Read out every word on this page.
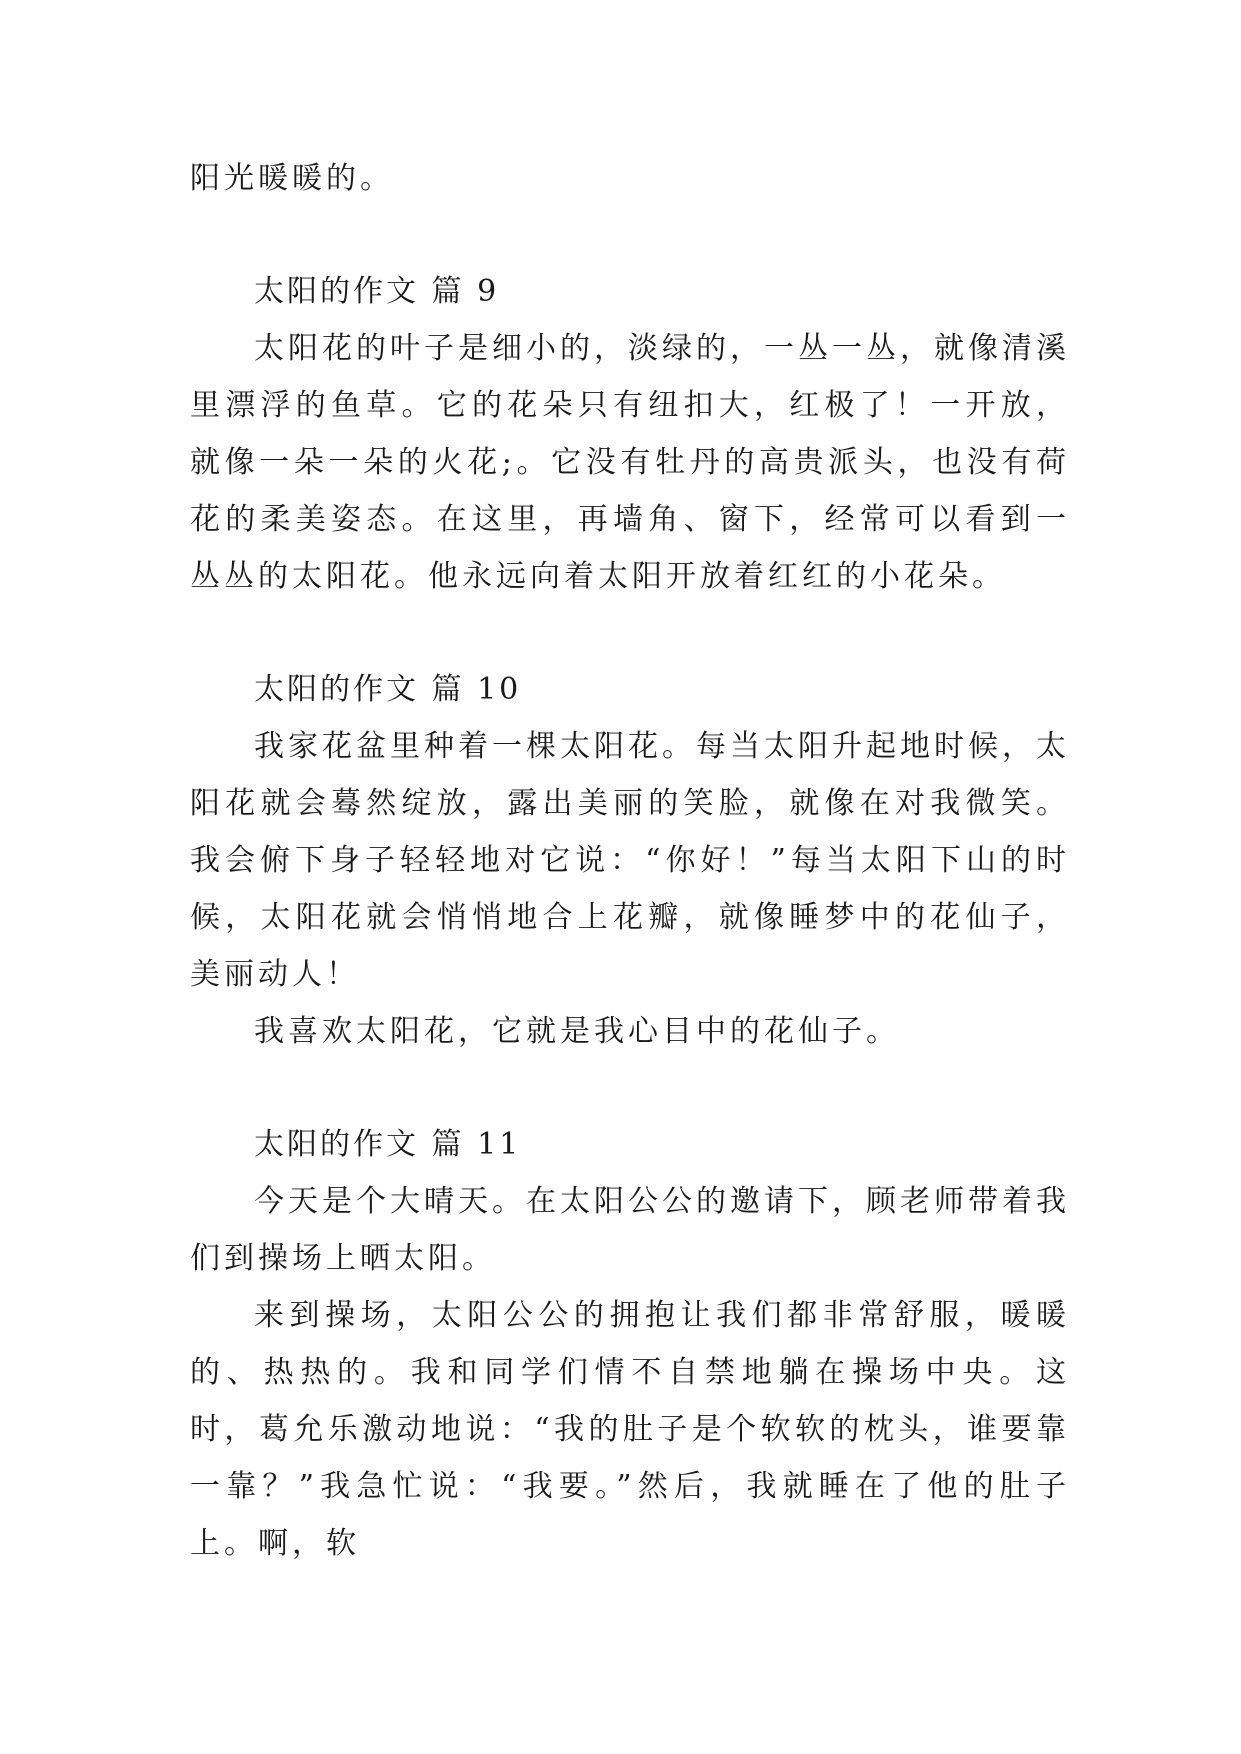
阳光暖暖的。

太阳的作文 篇 9

太阳花的叶子是细小的，淡绿的，一丛一丛，就像清溪里漂浮的鱼草。它的花朵只有纽扣大，红极了！一开放，就像一朵一朵的火花;。它没有牡丹的高贵派头，也没有荷花的柔美姿态。在这里，再墙角、窗下，经常可以看到一丛丛的太阳花。他永远向着太阳开放着红红的小花朵。

太阳的作文 篇 10

我家花盆里种着一棵太阳花。每当太阳升起地时候，太阳花就会蓦然绽放，露出美丽的笑脸，就像在对我微笑。我会俯下身子轻轻地对它说：“你好！”每当太阳下山的时候，太阳花就会悄悄地合上花瓣，就像睡梦中的花仙子，美丽动人！

我喜欢太阳花，它就是我心目中的花仙子。

太阳的作文 篇 11

今天是个大晴天。在太阳公公的邀请下，顾老师带着我们到操场上晒太阳。

来到操场，太阳公公的拥抱让我们都非常舒服，暖暖的、热热的。我和同学们情不自禁地躺在操场中央。这时，葛允乐激动地说：“我的肚子是个软软的枕头，谁要靠一靠？”我急忙说：“我要。”然后，我就睡在了他的肚子上。啊，软
